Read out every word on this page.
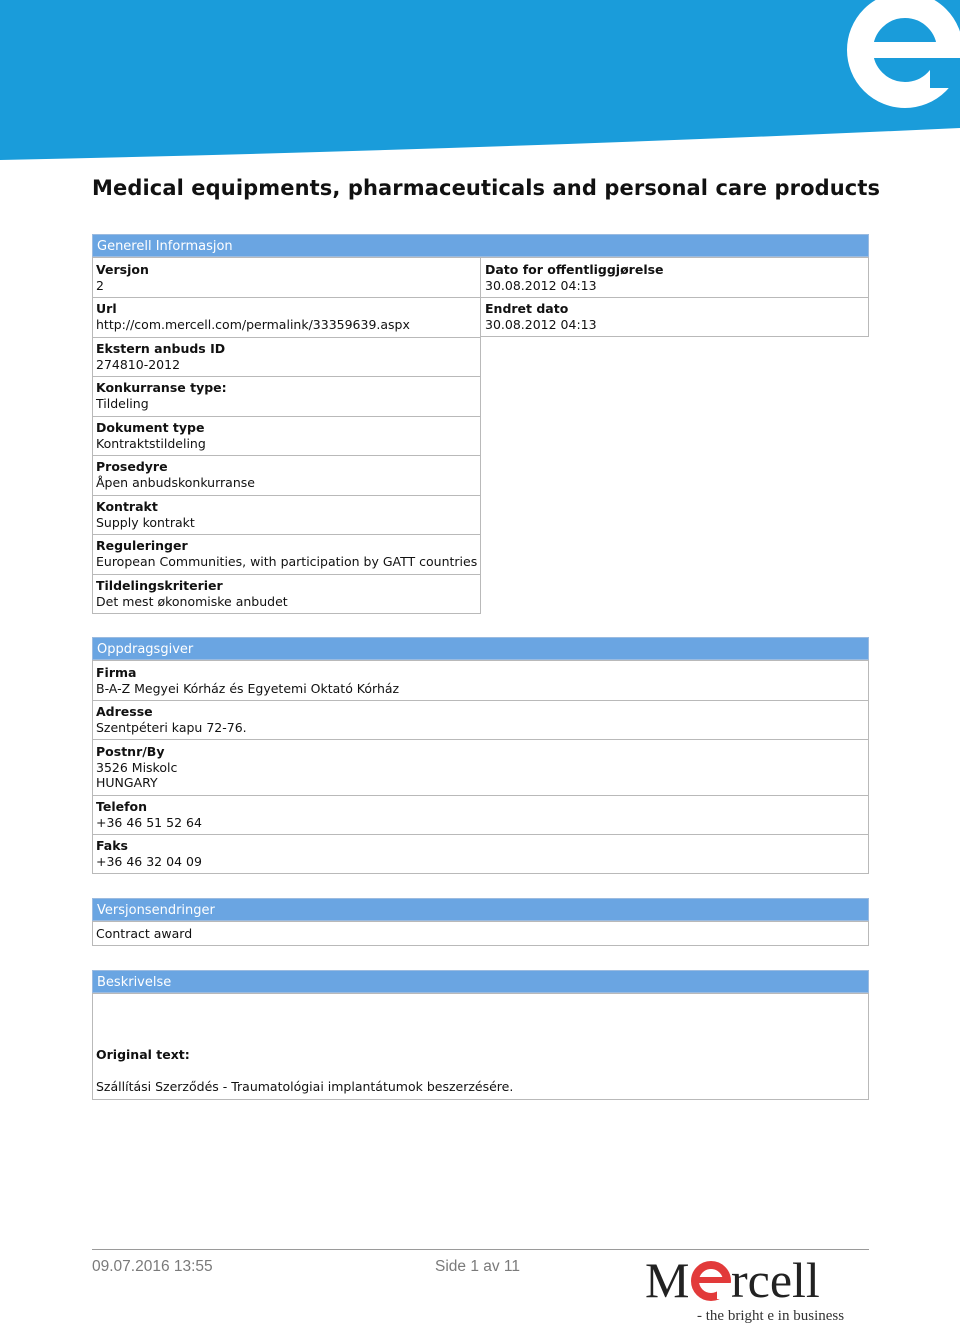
Medical equipments, pharmaceuticals and personal care products
Generell Informasjon
Versjon
2
Url
http://com.mercell.com/permalink/33359639.aspx
Ekstern anbuds ID
274810-2012
Konkurranse type:
Tildeling
Dokument type
Kontraktstildeling
Prosedyre
Åpen anbudskonkurranse
Kontrakt
Supply kontrakt
Reguleringer
European Communities, with participation by GATT countries
Tildelingskriterier
Det mest økonomiske anbudet
Dato for offentliggjørelse
30.08.2012 04:13
Endret dato
30.08.2012 04:13
Oppdragsgiver
Firma
B-A-Z Megyei Kórház és Egyetemi Oktató Kórház
Adresse
Szentpéteri kapu 72-76.
Postnr/By
3526 Miskolc
HUNGARY
Telefon
+36 46 51 52 64
Faks
+36 46 32 04 09
Versjonsendringer
Contract award
Beskrivelse
Original text:
Szállítási Szerződés - Traumatológiai implantátumok beszerzésére.
09.07.2016 13:55	Side 1 av 11 M rcell
- the bright e in business
